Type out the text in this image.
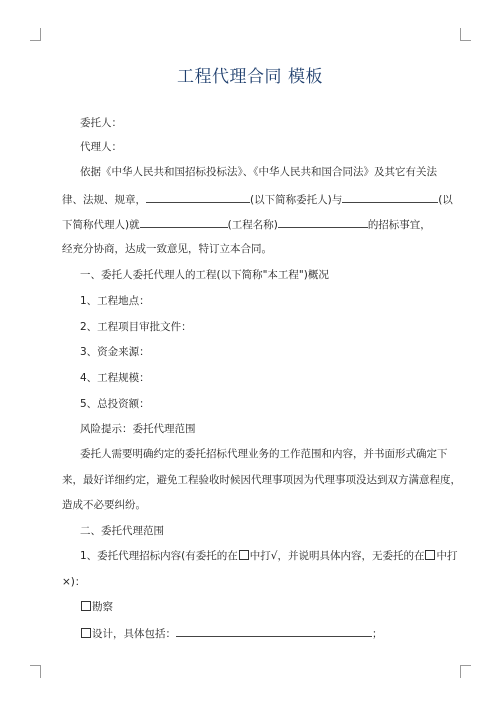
工程代理合同 模板
委托人：
代理人：
依据《中华人民共和国招标投标法》、《中华人民共和国合同法》及其它有关法
律、法规、规章，	(以下简称委托人)与	(以
下简称代理人)就	(工程名称)	的招标事宜，
经充分协商，达成一致意见，特订立本合同。
一、委托人委托代理人的工程(以下简称"本工程")概况
1、工程地点：
2、工程项目审批文件：
3、资金来源：
4、工程规模：
5、总投资额：
风险提示：委托代理范围
委托人需要明确约定的委托招标代理业务的工作范围和内容，并书面形式确定下
来，最好详细约定，避免工程验收时候因代理事项因为代理事项没达到双方满意程度，
造成不必要纠纷。
二、委托代理范围
1、委托代理招标内容(有委托的在 中打√，并说明具体内容，无委托的在 中打
×)：
勘察
设计，具体包括：	；
